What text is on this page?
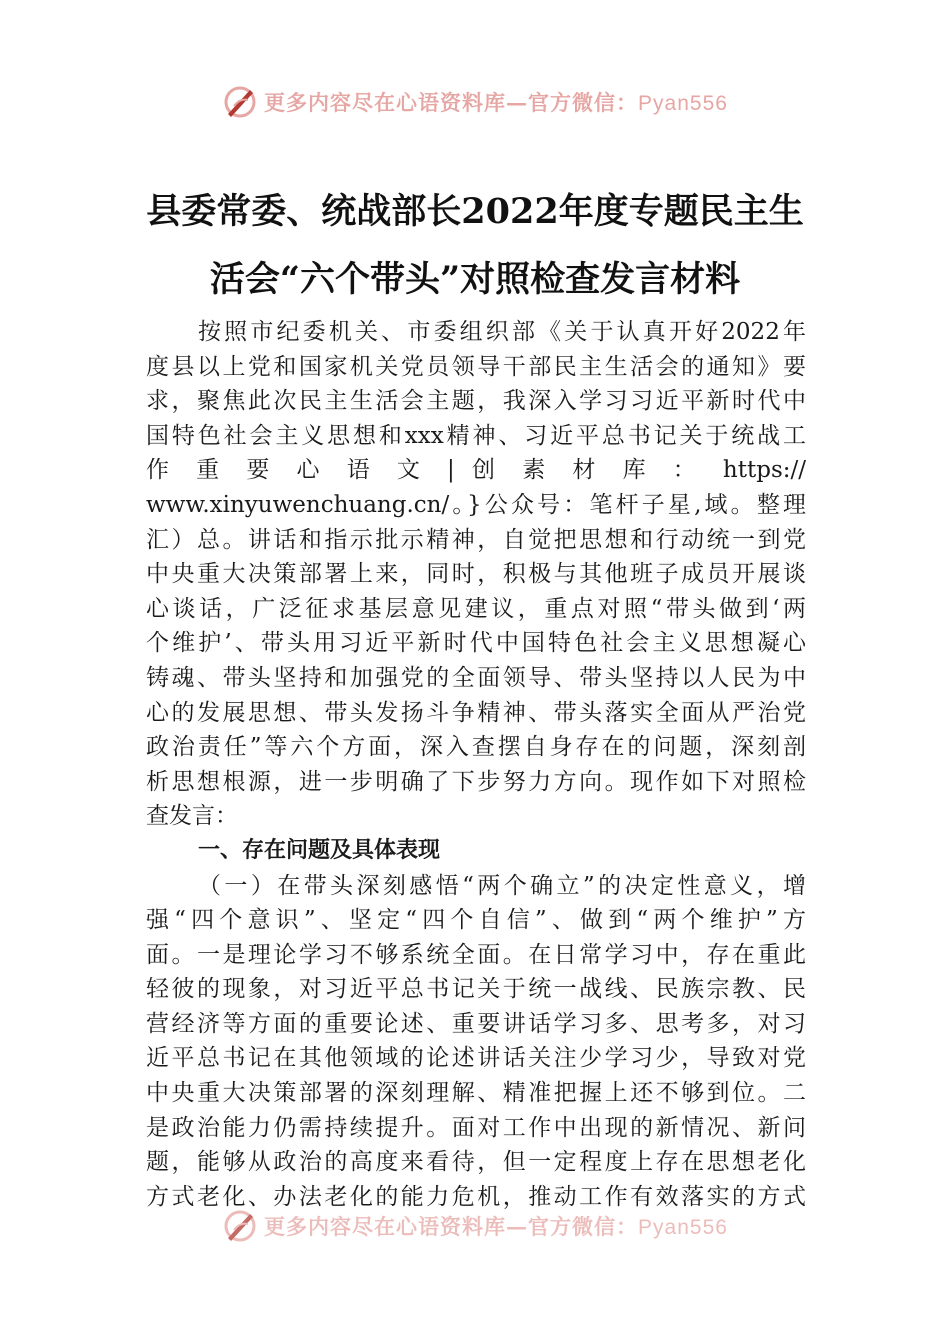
更多内容尽在心语资料库—官方微信：Pyan556
县委常委、统战部长2022年度专题民主生
活会“六个带头”对照检查发言材料
按照市纪委机关、市委组织部《关于认真开好2022年
度县以上党和国家机关党员领导干部民主生活会的通知》要
求，聚焦此次民主生活会主题，我深入学习习近平新时代中
国特色社会主义思想和xxx精神、习近平总书记关于统战工
作 重 要 心 语 文 | 创 素 材 库 ： https://
www.xinyuwenchuang.cn/。}公众号：笔杆子星,域。整理
汇）总。讲话和指示批示精神，自觉把思想和行动统一到党
中央重大决策部署上来，同时，积极与其他班子成员开展谈
心谈话，广泛征求基层意见建议，重点对照“带头做到‘两
个维护’、带头用习近平新时代中国特色社会主义思想凝心
铸魂、带头坚持和加强党的全面领导、带头坚持以人民为中
心的发展思想、带头发扬斗争精神、带头落实全面从严治党
政治责任”等六个方面，深入查摆自身存在的问题，深刻剖
析思想根源，进一步明确了下步努力方向。现作如下对照检
查发言：
一、存在问题及具体表现
（一）在带头深刻感悟“两个确立”的决定性意义，增
强“四个意识”、坚定“四个自信”、做到“两个维护”方
面。一是理论学习不够系统全面。在日常学习中，存在重此
轻彼的现象，对习近平总书记关于统一战线、民族宗教、民
营经济等方面的重要论述、重要讲话学习多、思考多，对习
近平总书记在其他领域的论述讲话关注少学习少，导致对党
中央重大决策部署的深刻理解、精准把握上还不够到位。二
是政治能力仍需持续提升。面对工作中出现的新情况、新问
题，能够从政治的高度来看待，但一定程度上存在思想老化
方式老化、办法老化的能力危机，推动工作有效落实的方式
更多内容尽在心语资料库—官方微信：Pyan556
